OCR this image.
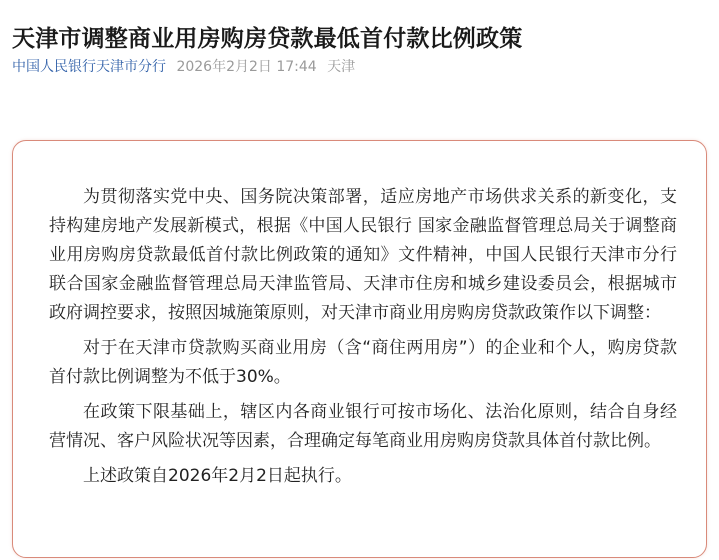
天津市调整商业用房购房贷款最低首付款比例政策
中国人民银行天津市分行 2026年2月2日 17:44 天津

为贯彻落实党中央、国务院决策部署，适应房地产市场供求关系的新变化，支持构建房地产发展新模式，根据《中国人民银行 国家金融监督管理总局关于调整商业用房购房贷款最低首付款比例政策的通知》文件精神，中国人民银行天津市分行联合国家金融监督管理总局天津监管局、天津市住房和城乡建设委员会，根据城市政府调控要求，按照因城施策原则，对天津市商业用房购房贷款政策作以下调整：

对于在天津市贷款购买商业用房（含“商住两用房”）的企业和个人，购房贷款首付款比例调整为不低于30%。

在政策下限基础上，辖区内各商业银行可按市场化、法治化原则，结合自身经营情况、客户风险状况等因素，合理确定每笔商业用房购房贷款具体首付款比例。

上述政策自2026年2月2日起执行。
